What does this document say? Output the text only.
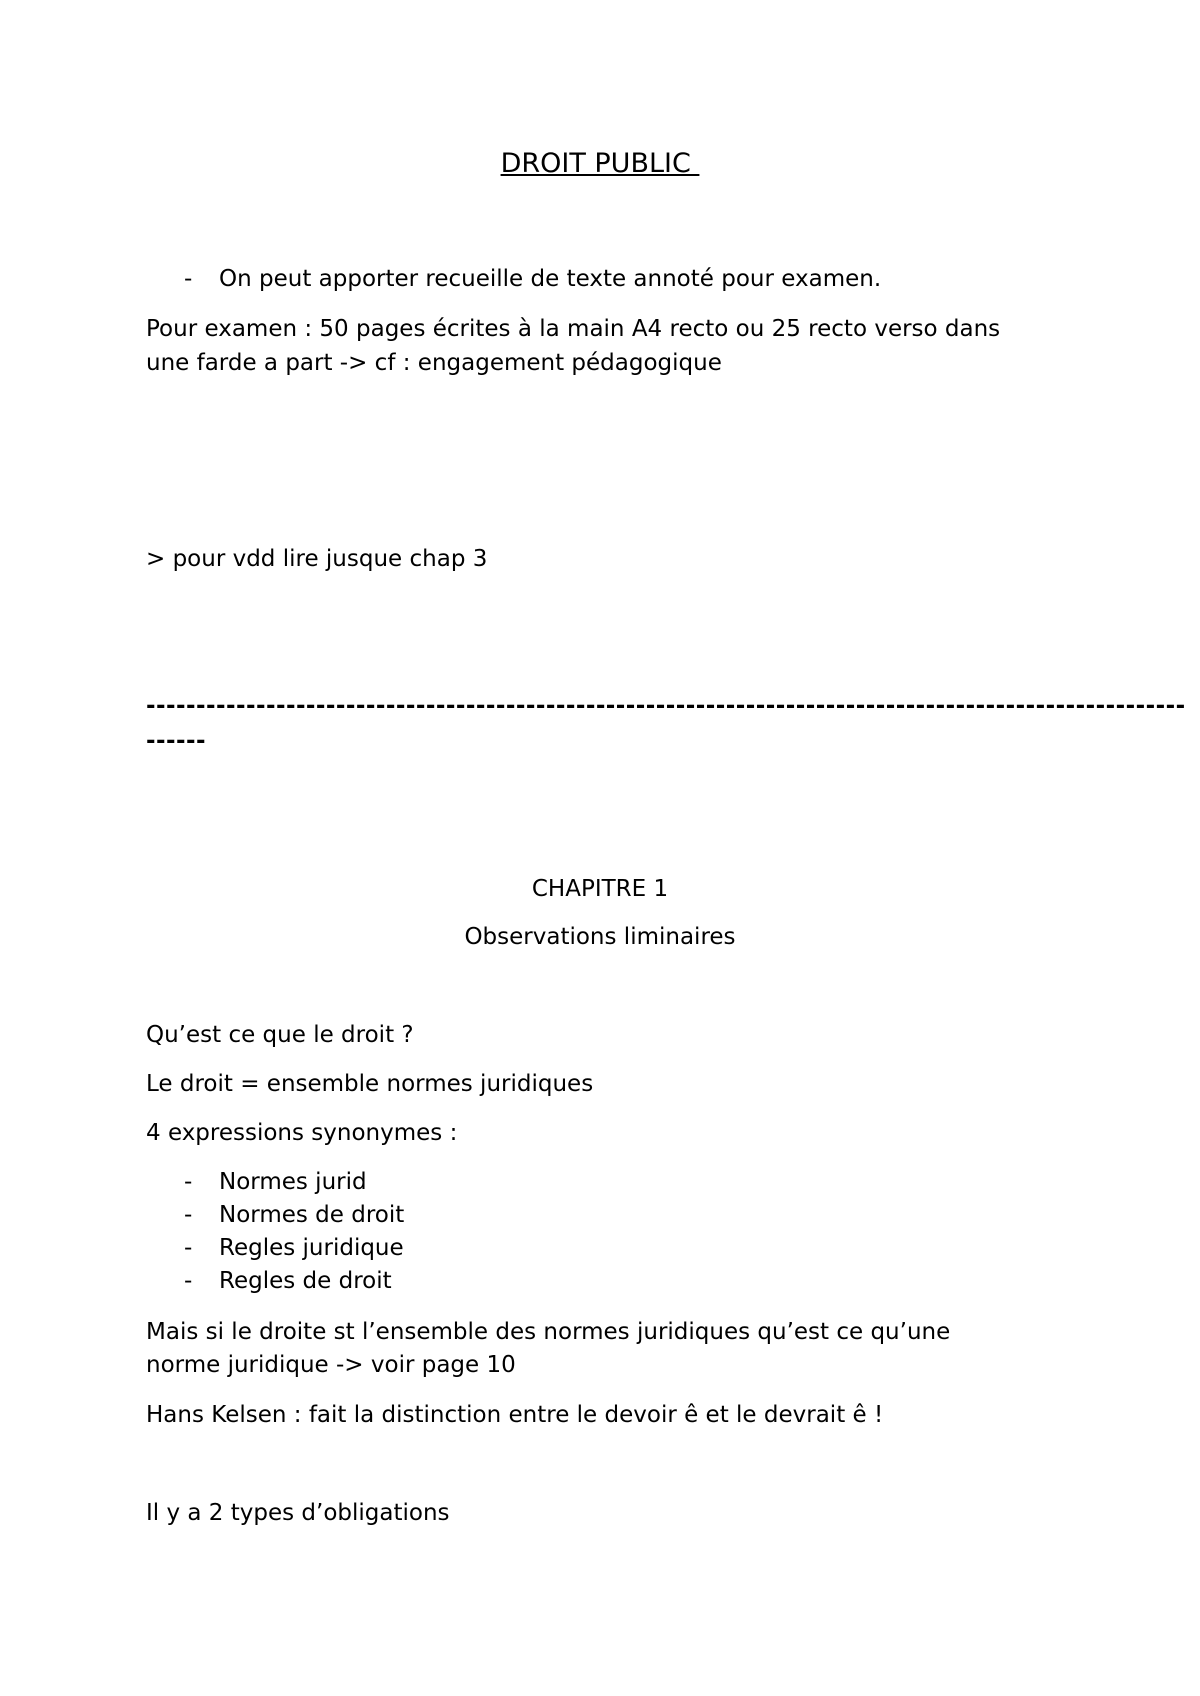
DROIT PUBLIC
- On peut apporter recueille de texte annoté pour examen.
Pour examen : 50 pages écrites à la main A4 recto ou 25 recto verso dans
une farde a part -> cf : engagement pédagogique
> pour vdd lire jusque chap 3
--------------------------------------------------------------------------------------------------------
------
CHAPITRE 1
Observations liminaires
Qu’est ce que le droit ?
Le droit = ensemble normes juridiques
4 expressions synonymes :
- Normes jurid
- Normes de droit
- Regles juridique
- Regles de droit
Mais si le droite st l’ensemble des normes juridiques qu’est ce qu’une
norme juridique -> voir page 10
Hans Kelsen : fait la distinction entre le devoir ê et le devrait ê !
Il y a 2 types d’obligations
